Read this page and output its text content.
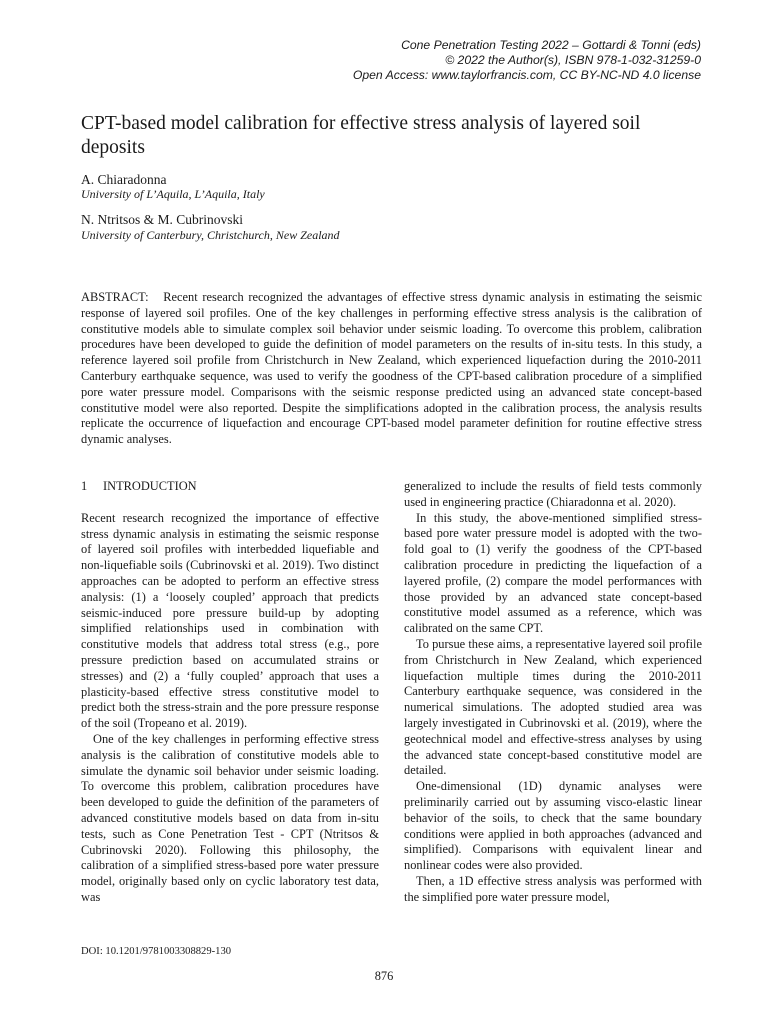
Cone Penetration Testing 2022 – Gottardi & Tonni (eds)
© 2022 the Author(s), ISBN 978-1-032-31259-0
Open Access: www.taylorfrancis.com, CC BY-NC-ND 4.0 license
CPT-based model calibration for effective stress analysis of layered soil deposits
A. Chiaradonna
University of L’Aquila, L’Aquila, Italy
N. Ntritsos & M. Cubrinovski
University of Canterbury, Christchurch, New Zealand
ABSTRACT: Recent research recognized the advantages of effective stress dynamic analysis in estimating the seismic response of layered soil profiles. One of the key challenges in performing effective stress analysis is the calibration of constitutive models able to simulate complex soil behavior under seismic loading. To overcome this problem, calibration procedures have been developed to guide the definition of model parameters on the results of in-situ tests. In this study, a reference layered soil profile from Christchurch in New Zealand, which experienced liquefaction during the 2010-2011 Canterbury earthquake sequence, was used to verify the goodness of the CPT-based calibration procedure of a simplified pore water pressure model. Comparisons with the seismic response predicted using an advanced state concept-based constitutive model were also reported. Despite the simplifications adopted in the calibration process, the analysis results replicate the occurrence of liquefaction and encourage CPT-based model parameter definition for routine effective stress dynamic analyses.
1 INTRODUCTION

Recent research recognized the importance of effective stress dynamic analysis in estimating the seismic response of layered soil profiles with interbedded liquefiable and non-liquefiable soils (Cubrinovski et al. 2019). Two distinct approaches can be adopted to perform an effective stress analysis: (1) a ‘loosely coupled’ approach that predicts seismic-induced pore pressure build-up by adopting simplified relationships used in combination with constitutive models that address total stress (e.g., pore pressure prediction based on accumulated strains or stresses) and (2) a ‘fully coupled’ approach that uses a plasticity-based effective stress constitutive model to predict both the stress-strain and the pore pressure response of the soil (Tropeano et al. 2019).

One of the key challenges in performing effective stress analysis is the calibration of constitutive models able to simulate the dynamic soil behavior under seismic loading. To overcome this problem, calibration procedures have been developed to guide the definition of the parameters of advanced constitutive models based on data from in-situ tests, such as Cone Penetration Test - CPT (Ntritsos & Cubrinovski 2020). Following this philosophy, the calibration of a simplified stress-based pore water pressure model, originally based only on cyclic laboratory test data, was

generalized to include the results of field tests commonly used in engineering practice (Chiaradonna et al. 2020).

In this study, the above-mentioned simplified stress-based pore water pressure model is adopted with the two-fold goal to (1) verify the goodness of the CPT-based calibration procedure in predicting the liquefaction of a layered profile, (2) compare the model performances with those provided by an advanced state concept-based constitutive model assumed as a reference, which was calibrated on the same CPT.

To pursue these aims, a representative layered soil profile from Christchurch in New Zealand, which experienced liquefaction multiple times during the 2010-2011 Canterbury earthquake sequence, was considered in the numerical simulations. The adopted studied area was largely investigated in Cubrinovski et al. (2019), where the geotechnical model and effective-stress analyses by using the advanced state concept-based constitutive model are detailed.

One-dimensional (1D) dynamic analyses were preliminarily carried out by assuming visco-elastic linear behavior of the soils, to check that the same boundary conditions were applied in both approaches (advanced and simplified). Comparisons with equivalent linear and nonlinear codes were also provided.

Then, a 1D effective stress analysis was performed with the simplified pore water pressure model,

DOI: 10.1201/9781003308829-130
876
